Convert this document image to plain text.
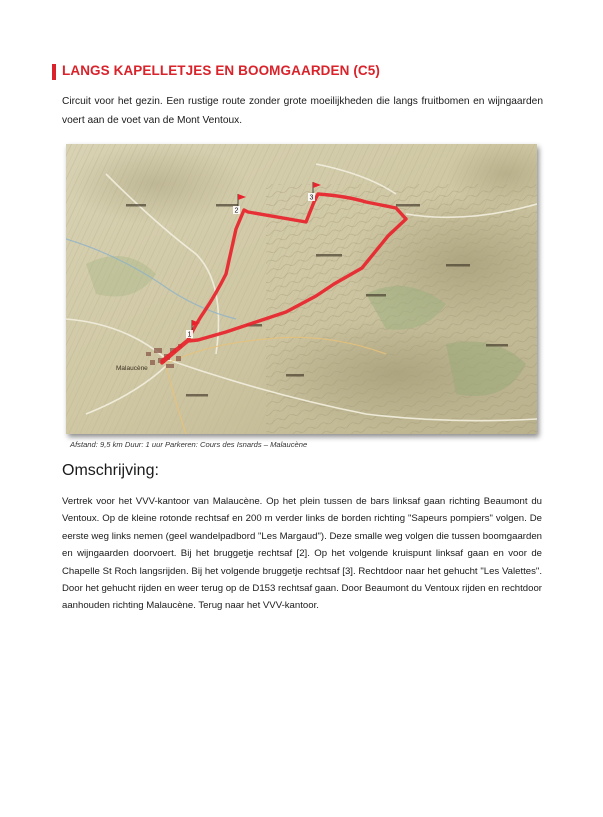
LANGS KAPELLETJES EN BOOMGAARDEN (C5)
Circuit voor het gezin. Een rustige route zonder grote moeilijkheden die langs fruitbomen en wijngaarden voert aan de voet van de Mont Ventoux.
Malaucène
1
2
3
Afstand: 9,5 km Duur: 1 uur Parkeren: Cours des Isnards – Malaucène
Omschrijving:
Vertrek voor het VVV-kantoor van Malaucène. Op het plein tussen de bars linksaf gaan richting Beaumont du Ventoux. Op de kleine rotonde rechtsaf en 200 m verder links de borden richting "Sapeurs pompiers" volgen. De eerste weg links nemen (geel wandelpadbord "Les Margaud"). Deze smalle weg volgen die tussen boomgaarden en wijngaarden doorvoert. Bij het bruggetje rechtsaf [2]. Op het volgende kruispunt linksaf gaan en voor de Chapelle St Roch langsrijden. Bij het volgende bruggetje rechtsaf [3]. Rechtdoor naar het gehucht "Les Valettes". Door het gehucht rijden en weer terug op de D153 rechtsaf gaan. Door Beaumont du Ventoux rijden en rechtdoor aanhouden richting Malaucène. Terug naar het VVV-kantoor.
